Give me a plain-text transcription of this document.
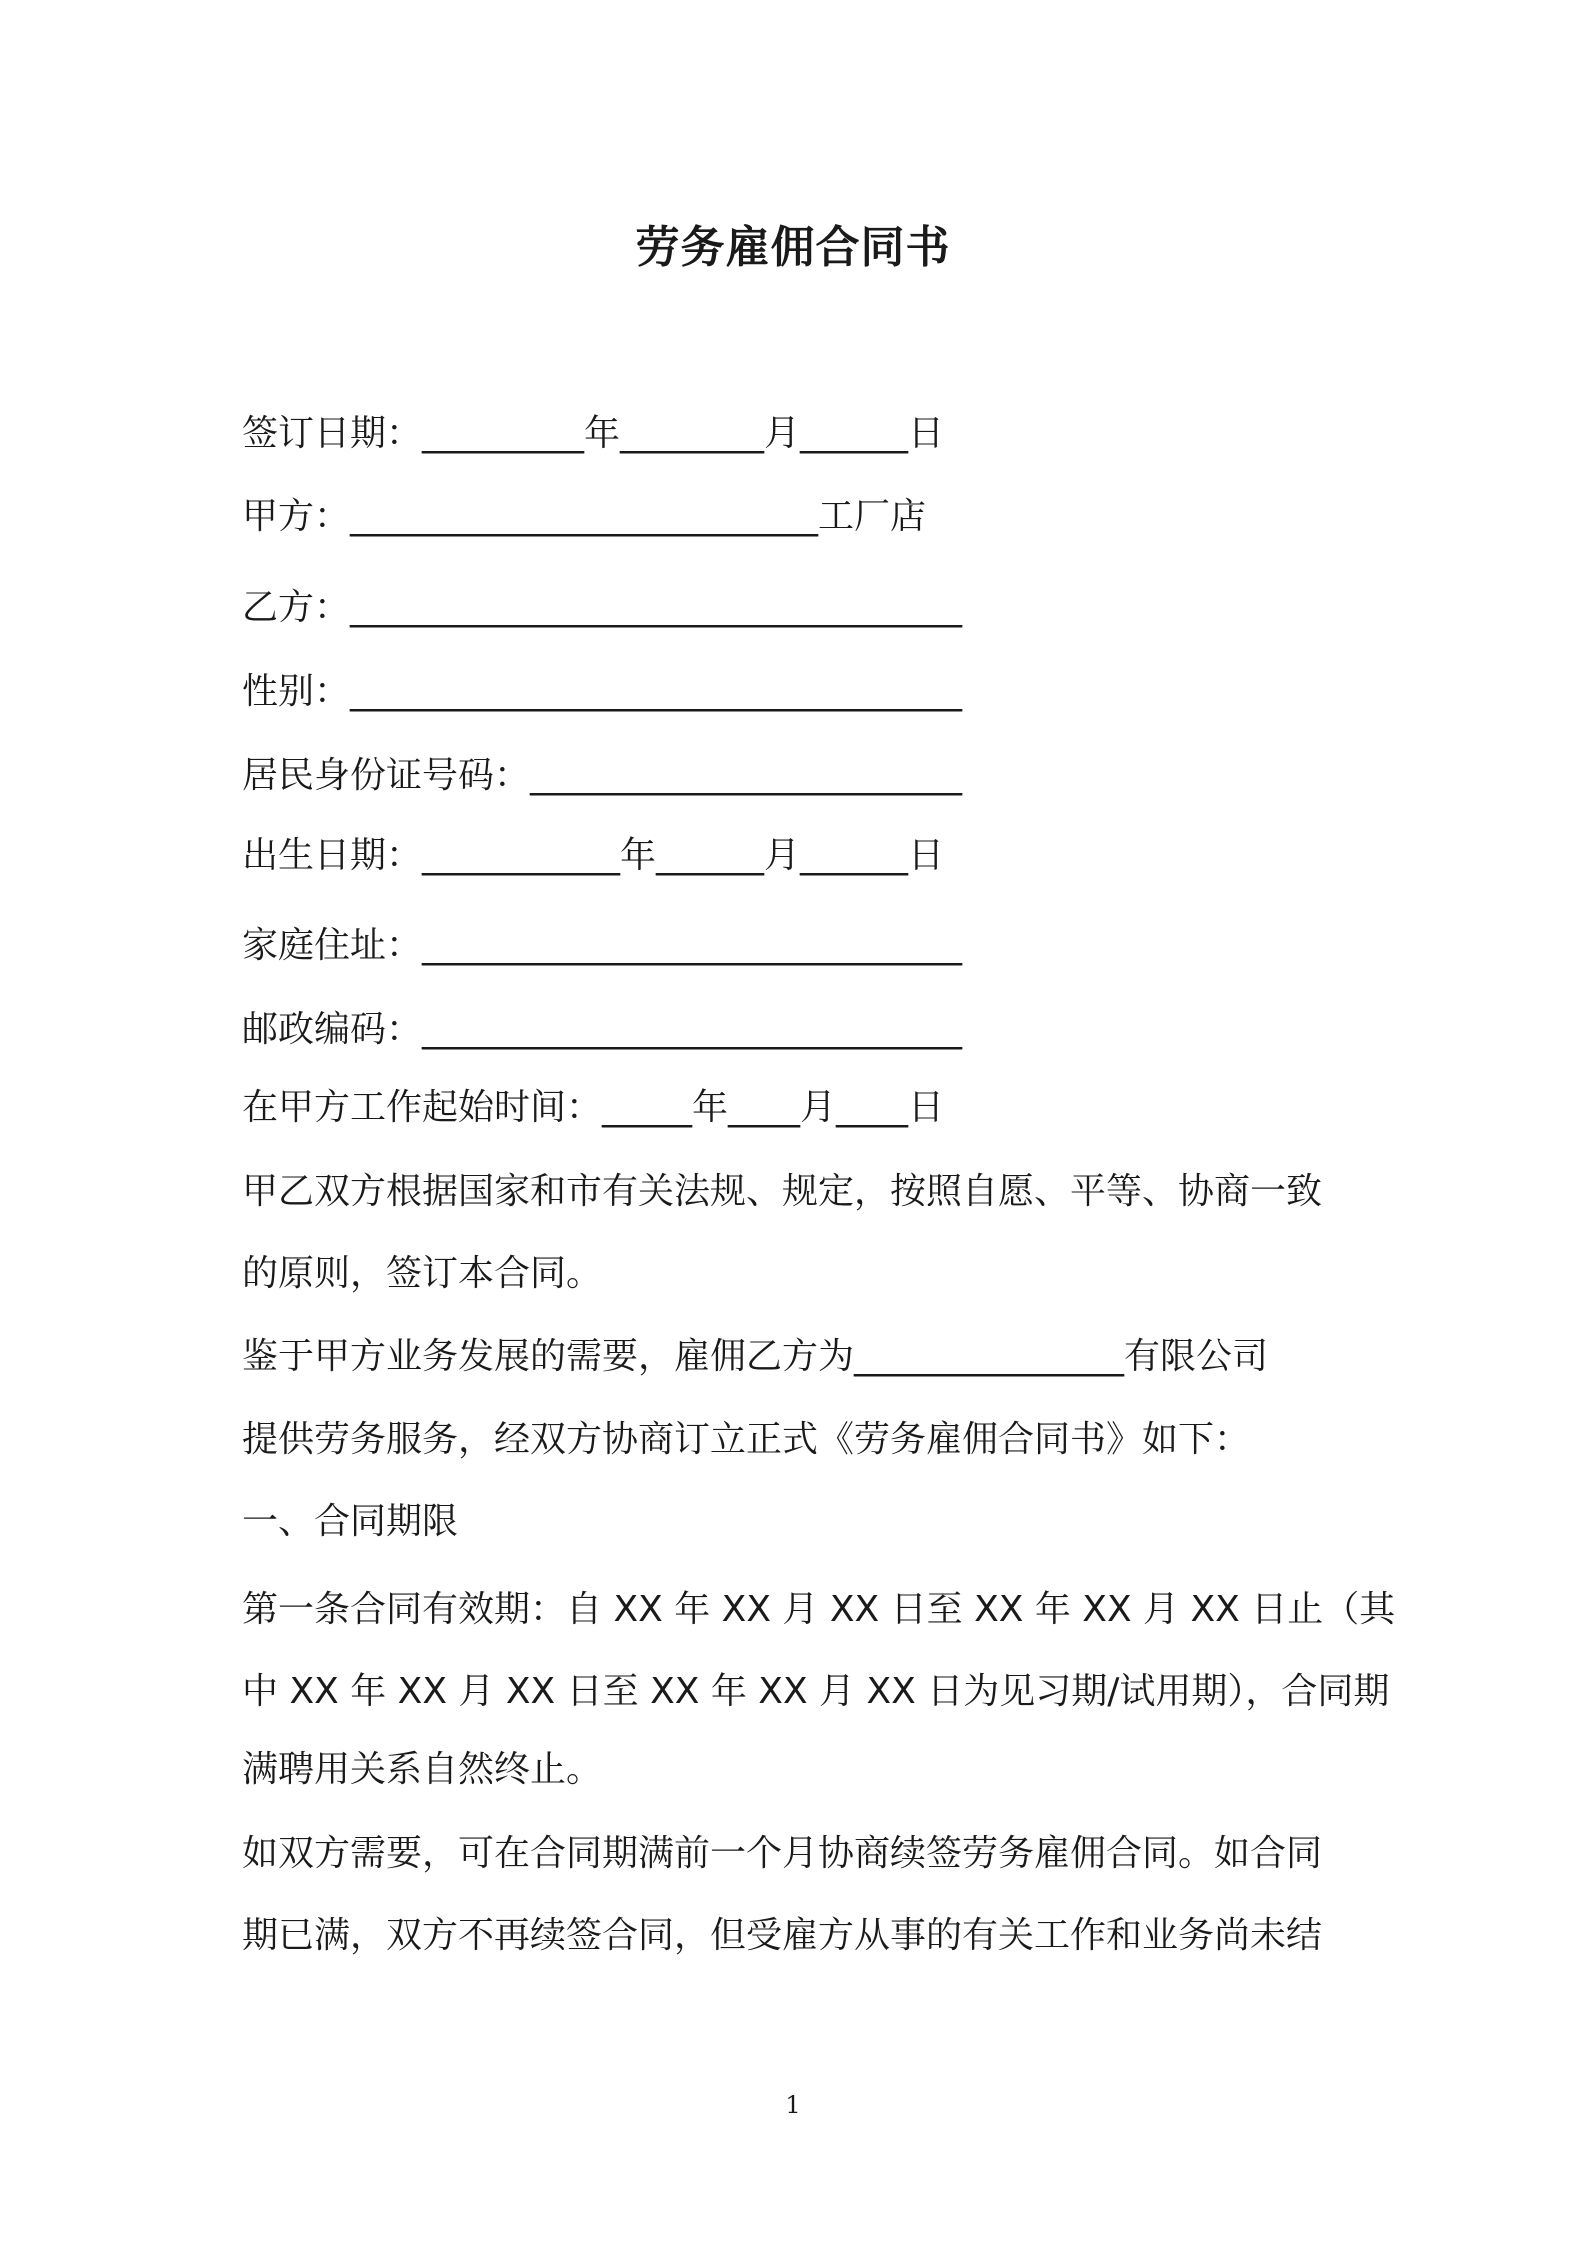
劳务雇佣合同书
签订日期：_________年________月______日
甲方：__________________________工厂店
乙方：__________________________________
性别：__________________________________
居民身份证号码：________________________
出生日期：___________年______月______日
家庭住址：______________________________
邮政编码：______________________________
在甲方工作起始时间：_____年____月____日
甲乙双方根据国家和市有关法规、规定，按照自愿、平等、协商一致
的原则，签订本合同。
鉴于甲方业务发展的需要，雇佣乙方为_______________有限公司
提供劳务服务，经双方协商订立正式《劳务雇佣合同书》如下：
一、合同期限
第一条合同有效期：自 XX 年 XX 月 XX 日至 XX 年 XX 月 XX 日止（其
中 XX 年 XX 月 XX 日至 XX 年 XX 月 XX 日为见习期/试用期），合同期
满聘用关系自然终止。
如双方需要，可在合同期满前一个月协商续签劳务雇佣合同。如合同
期已满，双方不再续签合同，但受雇方从事的有关工作和业务尚未结
1
